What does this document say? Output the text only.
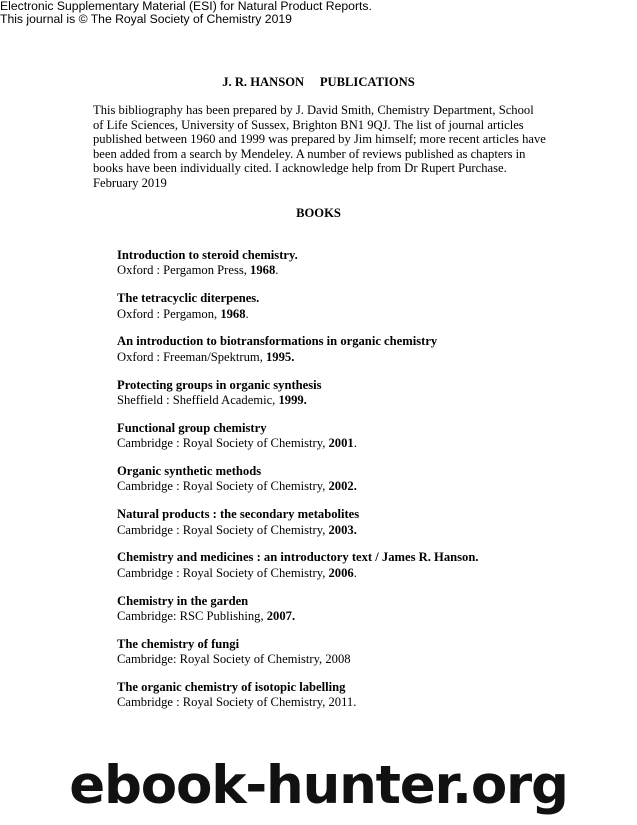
Electronic Supplementary Material (ESI) for Natural Product Reports.
This journal is © The Royal Society of Chemistry 2019
J. R. HANSON     PUBLICATIONS
This bibliography has been prepared by J. David Smith, Chemistry Department, School
of Life Sciences, University of Sussex, Brighton BN1 9QJ. The list of journal articles
published between 1960 and 1999 was prepared by Jim himself; more recent articles have
been added from a search by Mendeley. A number of reviews published as chapters in
books have been individually cited. I acknowledge help from Dr Rupert Purchase.
February 2019
BOOKS
Introduction to steroid chemistry.
Oxford : Pergamon Press, 1968.
The tetracyclic diterpenes.
Oxford : Pergamon, 1968.
An introduction to biotransformations in organic chemistry
Oxford : Freeman/Spektrum, 1995.
Protecting groups in organic synthesis
Sheffield : Sheffield Academic, 1999.
Functional group chemistry
Cambridge : Royal Society of Chemistry, 2001.
Organic synthetic methods
Cambridge : Royal Society of Chemistry, 2002.
Natural products : the secondary metabolites
Cambridge : Royal Society of Chemistry, 2003.
Chemistry and medicines : an introductory text / James R. Hanson.
Cambridge : Royal Society of Chemistry, 2006.
Chemistry in the garden
Cambridge: RSC Publishing, 2007.
The chemistry of fungi
Cambridge: Royal Society of Chemistry, 2008
The organic chemistry of isotopic labelling
Cambridge : Royal Society of Chemistry, 2011.
ebook-hunter.org
